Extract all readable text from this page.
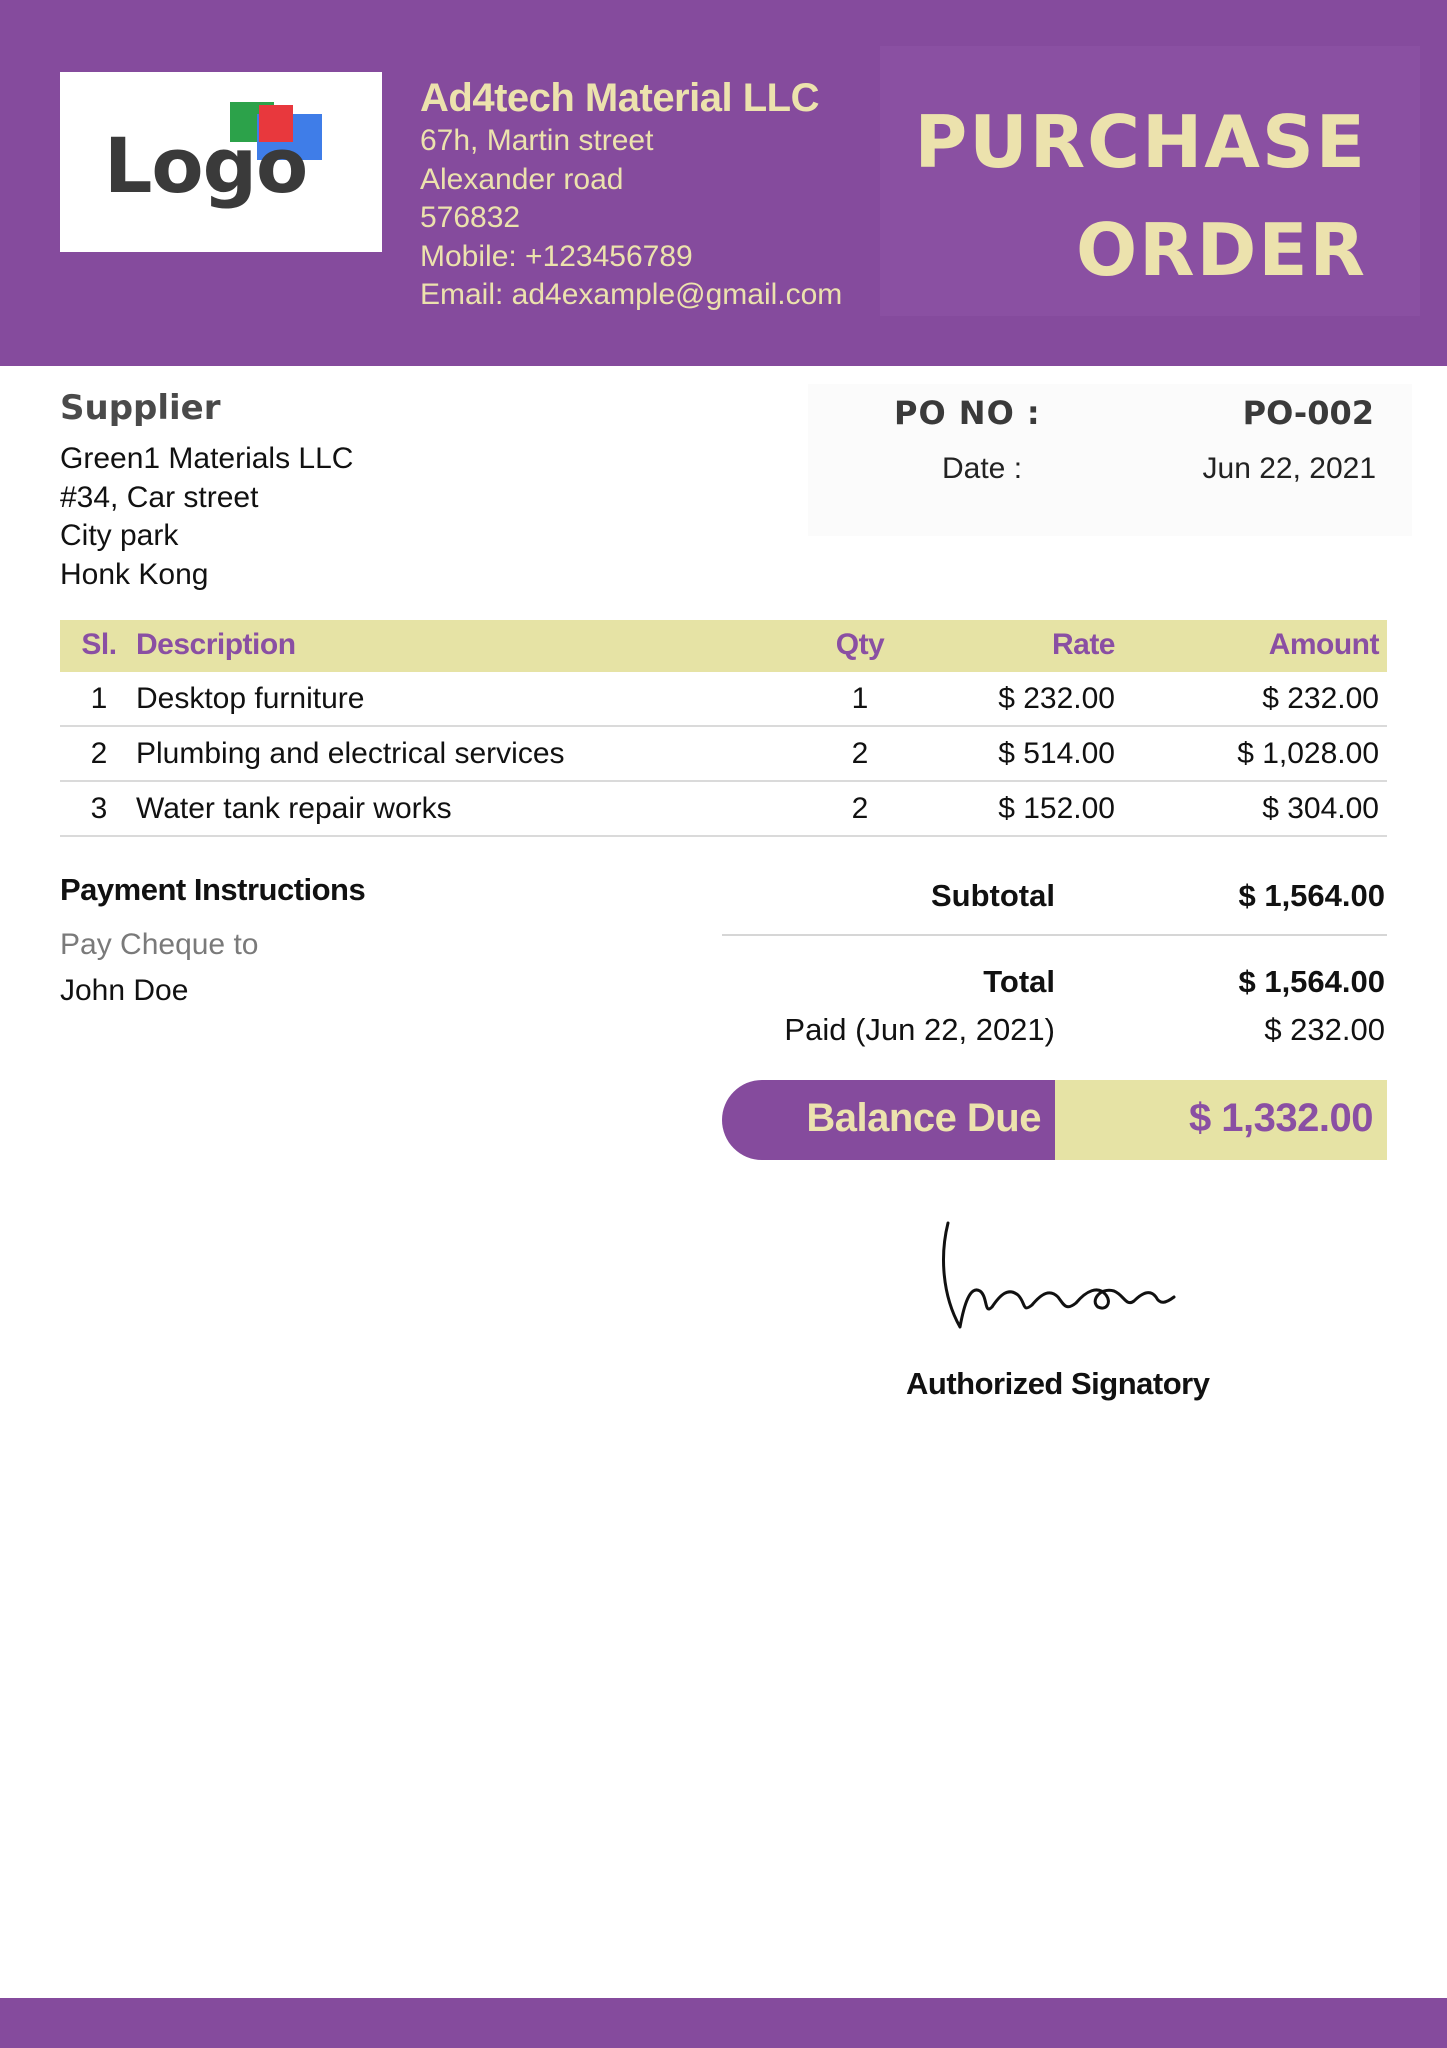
Logo
Ad4tech Material LLC
67h, Martin street
Alexander road
576832
Mobile: +123456789
Email: ad4example@gmail.com
PURCHASE
ORDER
Supplier
Green1 Materials LLC
#34, Car street
City park
Honk Kong
PO NO :	PO-002
Date :	Jun 22, 2021
Sl. Description	Qty	Rate	Amount
1 Desktop furniture	1	$ 232.00	$ 232.00
2 Plumbing and electrical services	2	$ 514.00	$ 1,028.00
3 Water tank repair works	2	$ 152.00	$ 304.00
Payment Instructions
Pay Cheque to
John Doe
Subtotal	$ 1,564.00
Total	$ 1,564.00
Paid (Jun 22, 2021)	$ 232.00
Balance Due	$ 1,332.00
Authorized Signatory
